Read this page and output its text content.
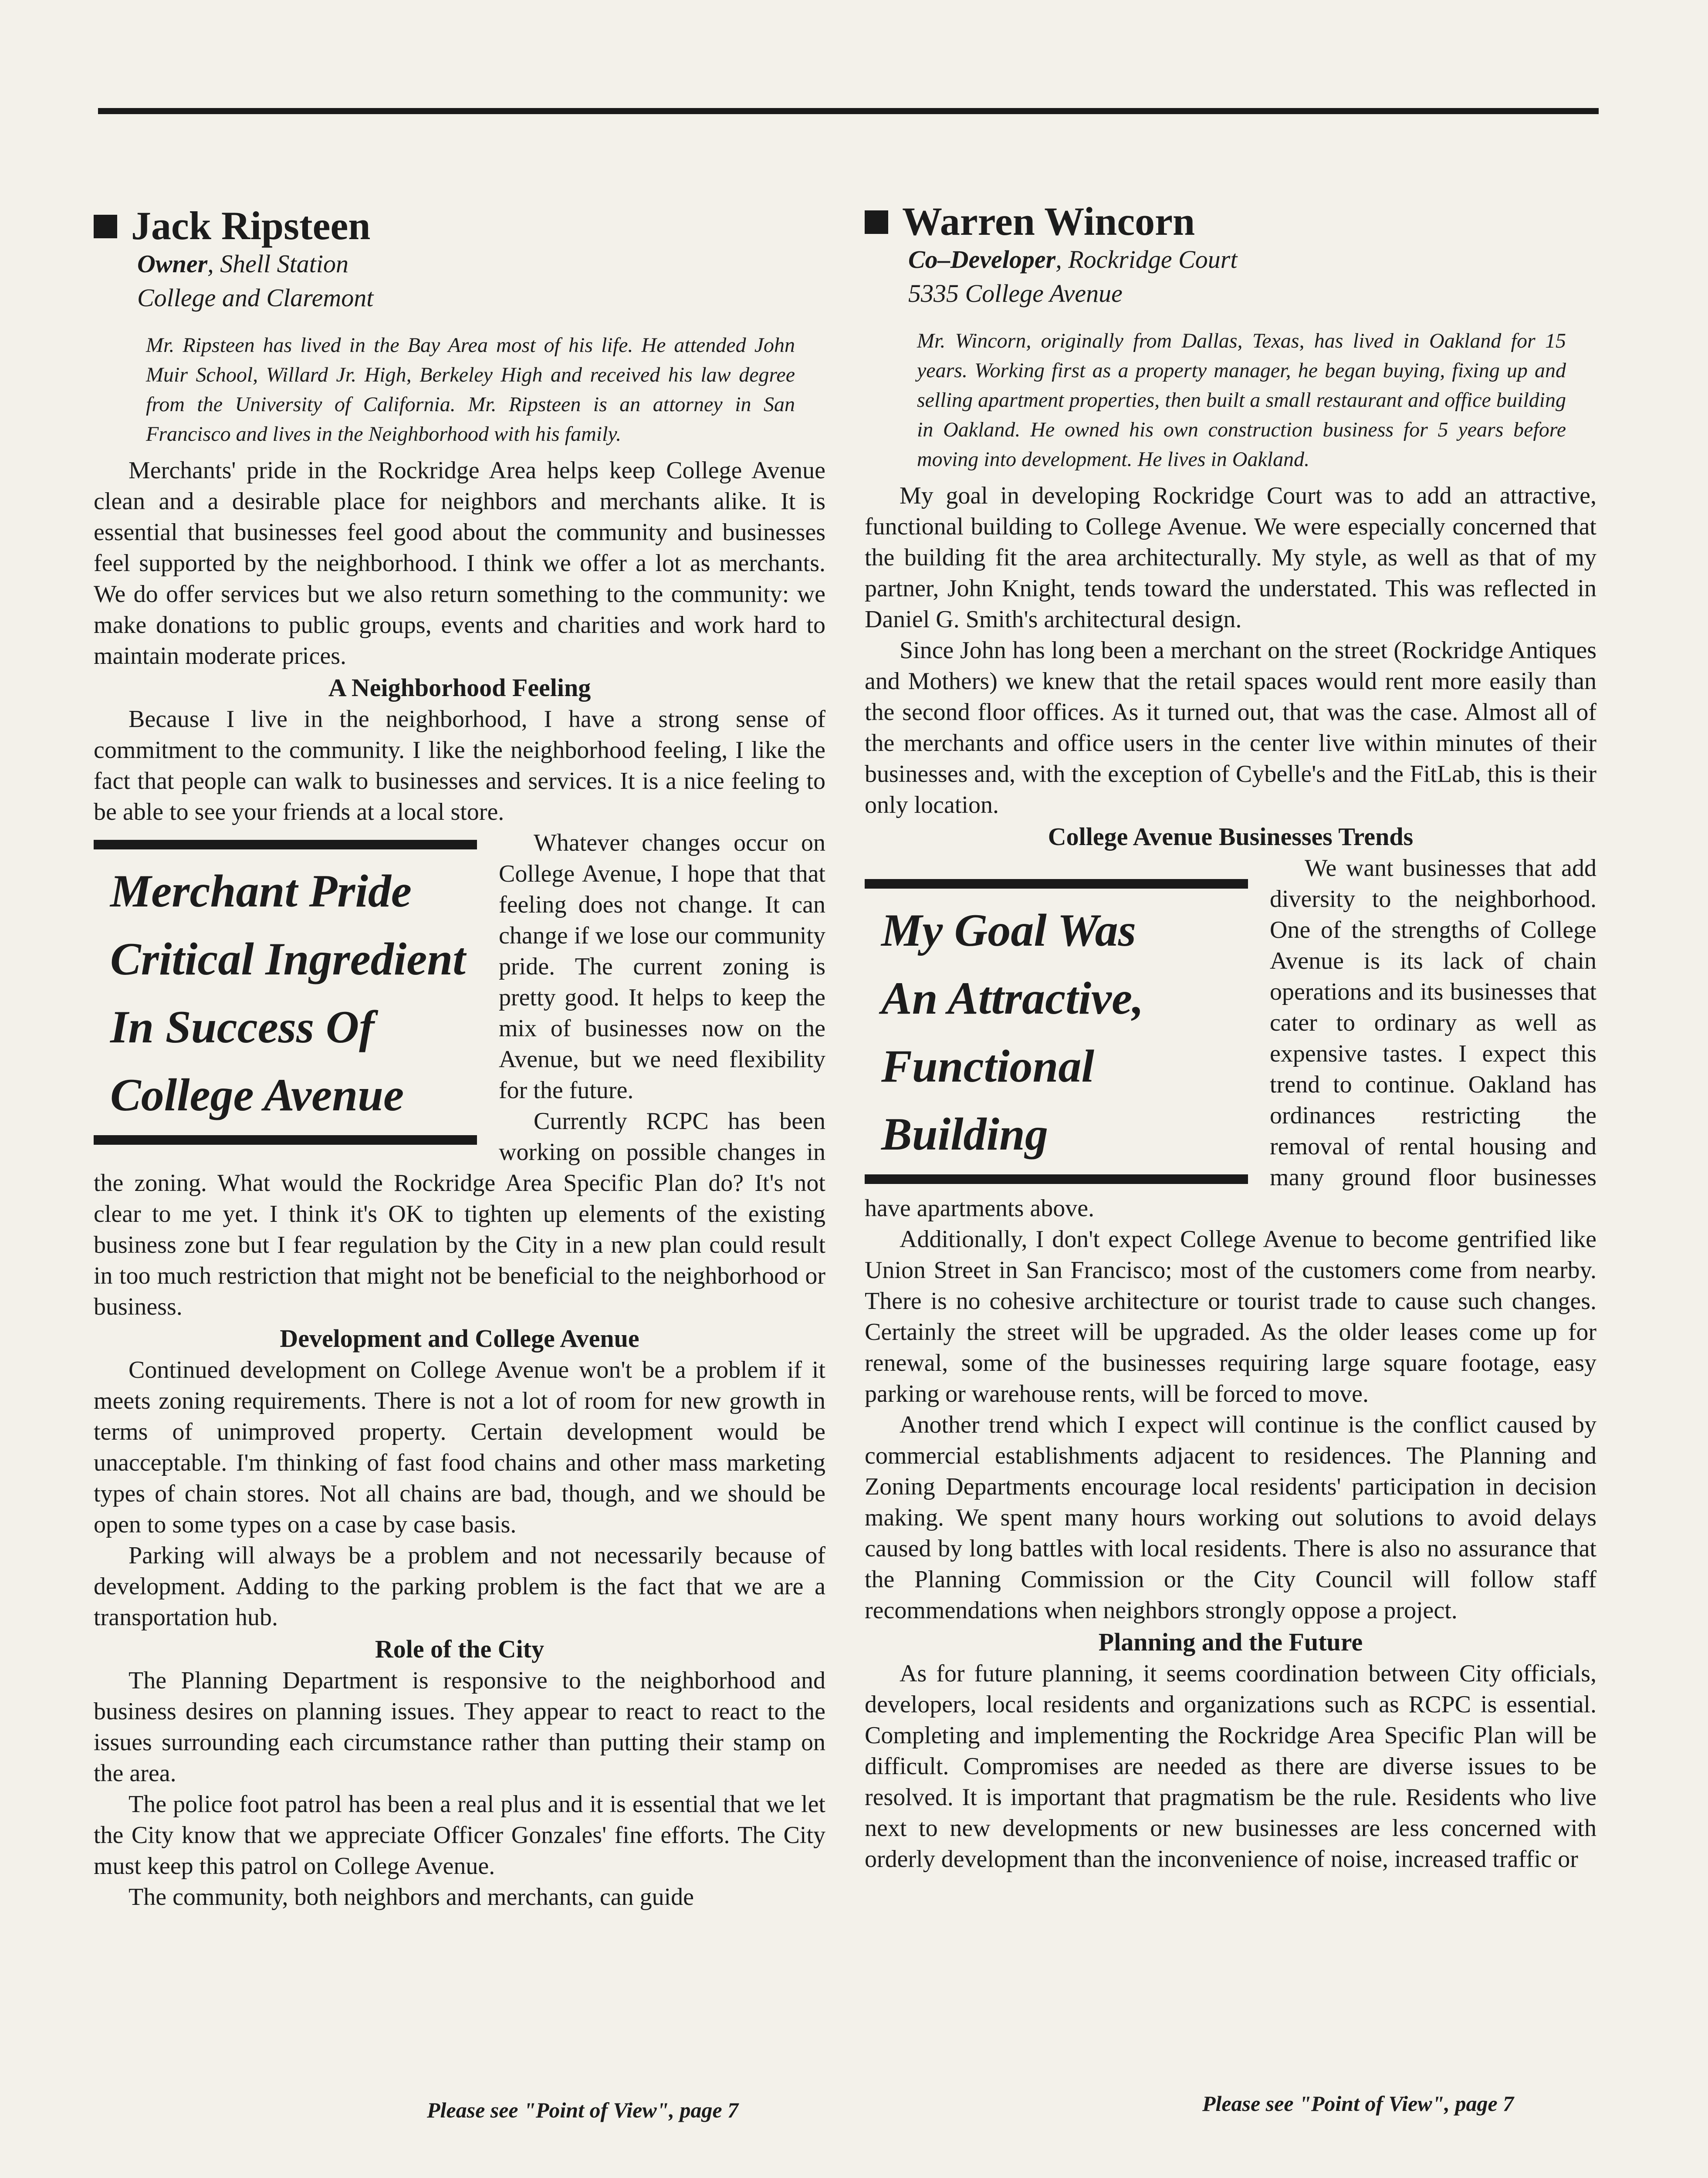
Jack Ripsteen
Owner, Shell Station
College and Claremont
Mr. Ripsteen has lived in the Bay Area most of his life. He attended John Muir School, Willard Jr. High, Berkeley High and received his law degree from the University of California. Mr. Ripsteen is an attorney in San Francisco and lives in the Neighborhood with his family.

Merchants' pride in the Rockridge Area helps keep College Avenue clean and a desirable place for neighbors and merchants alike. It is essential that businesses feel good about the community and businesses feel supported by the neighborhood. I think we offer a lot as merchants. We do offer services but we also return something to the community: we make donations to public groups, events and charities and work hard to maintain moderate prices.

A Neighborhood Feeling

Because I live in the neighborhood, I have a strong sense of commitment to the community. I like the neighborhood feeling, I like the fact that people can walk to businesses and services. It is a nice feeling to be able to see your friends at a local store.

Merchant Pride
Critical Ingredient
In Success Of
College Avenue

Whatever changes occur on College Avenue, I hope that that feeling does not change. It can change if we lose our community pride. The current zoning is pretty good. It helps to keep the mix of businesses now on the Avenue, but we need flexibility for the future.

Currently RCPC has been working on possible changes in the zoning. What would the Rockridge Area Specific Plan do? It's not clear to me yet. I think it's OK to tighten up elements of the existing business zone but I fear regulation by the City in a new plan could result in too much restriction that might not be beneficial to the neighborhood or business.

Development and College Avenue

Continued development on College Avenue won't be a problem if it meets zoning requirements. There is not a lot of room for new growth in terms of unimproved property. Certain development would be unacceptable. I'm thinking of fast food chains and other mass marketing types of chain stores. Not all chains are bad, though, and we should be open to some types on a case by case basis.

Parking will always be a problem and not necessarily because of development. Adding to the parking problem is the fact that we are a transportation hub.

Role of the City

The Planning Department is responsive to the neighborhood and business desires on planning issues. They appear to react to react to the issues surrounding each circumstance rather than putting their stamp on the area.

The police foot patrol has been a real plus and it is essential that we let the City know that we appreciate Officer Gonzales' fine efforts. The City must keep this patrol on College Avenue.

The community, both neighbors and merchants, can guide

Please see "Point of View", page 7
Warren Wincorn
Co–Developer, Rockridge Court
5335 College Avenue
Mr. Wincorn, originally from Dallas, Texas, has lived in Oakland for 15 years. Working first as a property manager, he began buying, fixing up and selling apartment properties, then built a small restaurant and office building in Oakland. He owned his own construction business for 5 years before moving into development. He lives in Oakland.

My goal in developing Rockridge Court was to add an attractive, functional building to College Avenue. We were especially concerned that the building fit the area architecturally. My style, as well as that of my partner, John Knight, tends toward the understated. This was reflected in Daniel G. Smith's architectural design.

Since John has long been a merchant on the street (Rockridge Antiques and Mothers) we knew that the retail spaces would rent more easily than the second floor offices. As it turned out, that was the case. Almost all of the merchants and office users in the center live within minutes of their businesses and, with the exception of Cybelle's and the FitLab, this is their only location.

College Avenue Businesses Trends
My Goal Was
An Attractive,
Functional
Building

We want businesses that add diversity to the neighborhood. One of the strengths of College Avenue is its lack of chain operations and its businesses that cater to ordinary as well as expensive tastes. I expect this trend to continue. Oakland has ordinances restricting the removal of rental housing and many ground floor businesses have apartments above.

Additionally, I don't expect College Avenue to become gentrified like Union Street in San Francisco; most of the customers come from nearby. There is no cohesive architecture or tourist trade to cause such changes. Certainly the street will be upgraded. As the older leases come up for renewal, some of the businesses requiring large square footage, easy parking or warehouse rents, will be forced to move.

Another trend which I expect will continue is the conflict caused by commercial establishments adjacent to residences. The Planning and Zoning Departments encourage local residents' participation in decision making. We spent many hours working out solutions to avoid delays caused by long battles with local residents. There is also no assurance that the Planning Commission or the City Council will follow staff recommendations when neighbors strongly oppose a project.

Planning and the Future

As for future planning, it seems coordination between City officials, developers, local residents and organizations such as RCPC is essential. Completing and implementing the Rockridge Area Specific Plan will be difficult. Compromises are needed as there are diverse issues to be resolved. It is important that pragmatism be the rule. Residents who live next to new developments or new businesses are less concerned with orderly development than the inconvenience of noise, increased traffic or

Please see "Point of View", page 7
